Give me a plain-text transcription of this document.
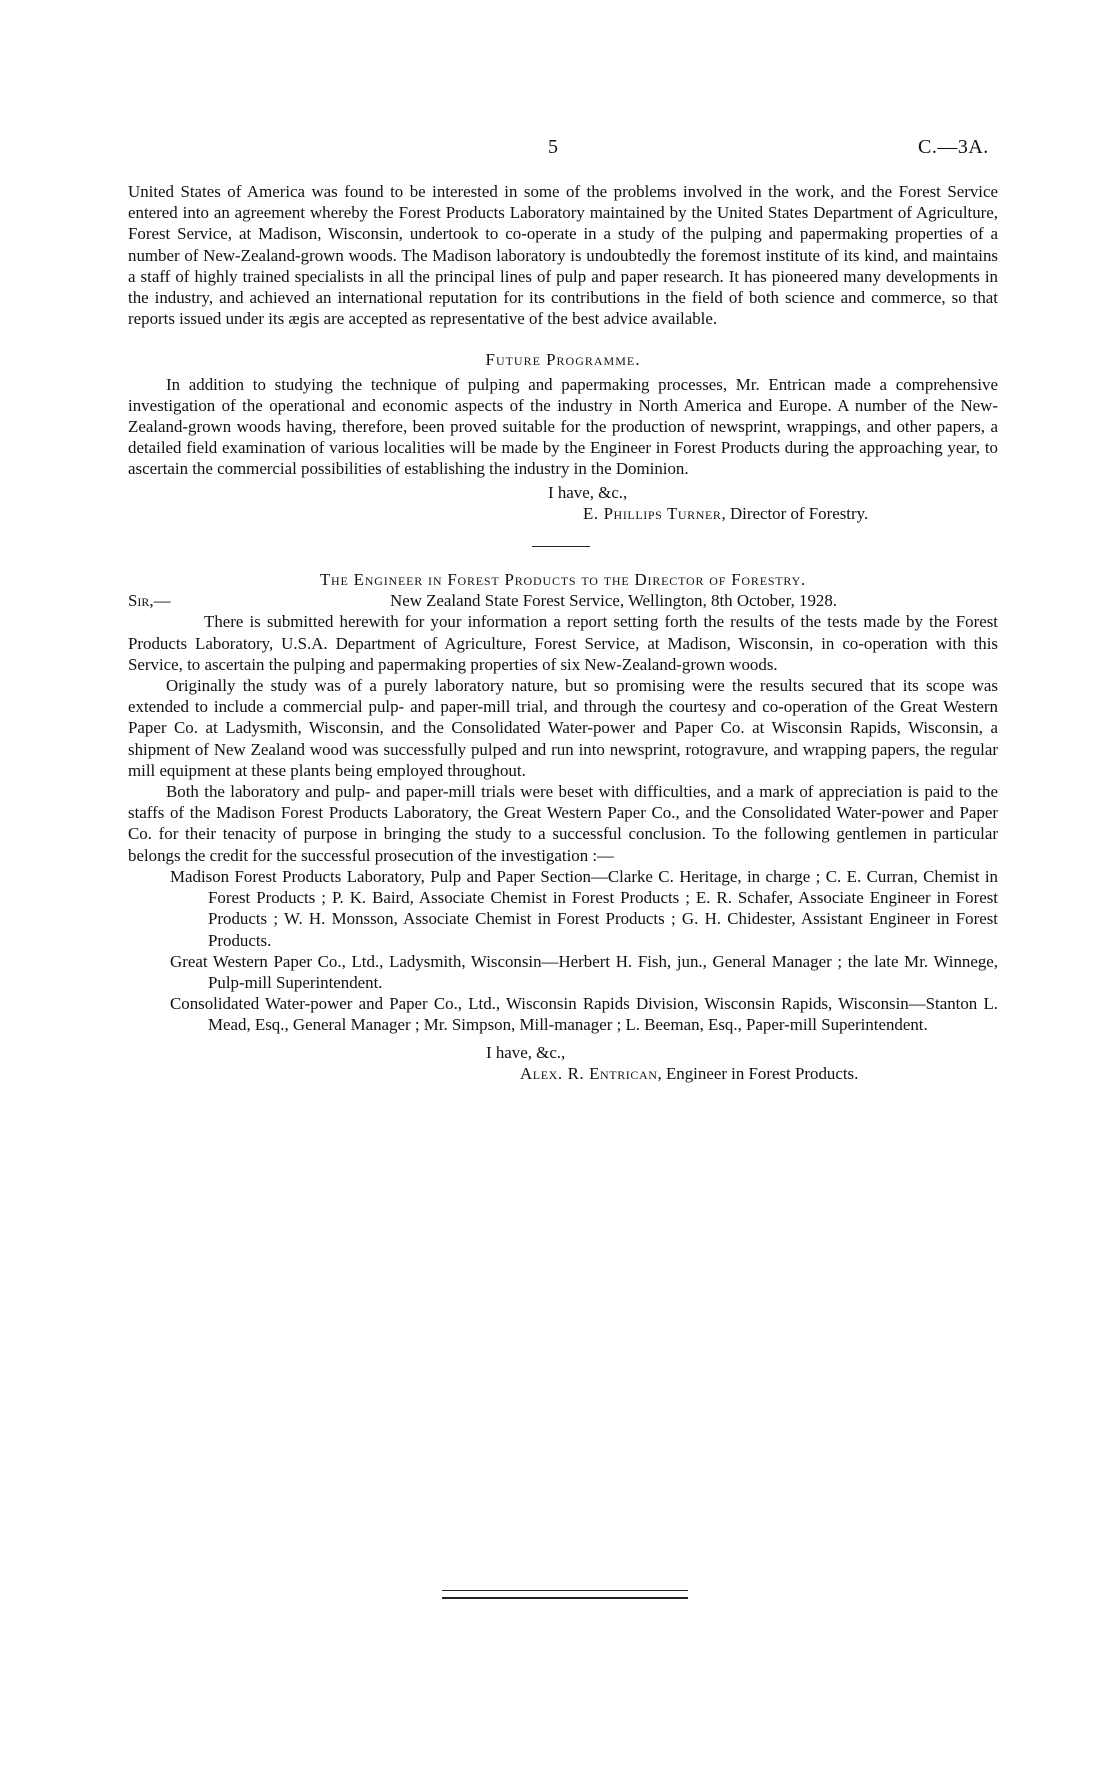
5	C.—3A.

United States of America was found to be interested in some of the problems involved in the work, and the Forest Service entered into an agreement whereby the Forest Products Laboratory maintained by the United States Department of Agriculture, Forest Service, at Madison, Wisconsin, undertook to co-operate in a study of the pulping and papermaking properties of a number of New-Zealand-grown woods. The Madison laboratory is undoubtedly the foremost institute of its kind, and maintains a staff of highly trained specialists in all the principal lines of pulp and paper research. It has pioneered many developments in the industry, and achieved an international reputation for its contributions in the field of both science and commerce, so that reports issued under its ægis are accepted as representative of the best advice available.

Future Programme.

In addition to studying the technique of pulping and papermaking processes, Mr. Entrican made a comprehensive investigation of the operational and economic aspects of the industry in North America and Europe. A number of the New-Zealand-grown woods having, therefore, been proved suitable for the production of newsprint, wrappings, and other papers, a detailed field examination of various localities will be made by the Engineer in Forest Products during the approaching year, to ascertain the commercial possibilities of establishing the industry in the Dominion.

I have, &c.,

E. Phillips Turner, Director of Forestry.

The Engineer in Forest Products to the Director of Forestry.

Sir,—	New Zealand State Forest Service, Wellington, 8th October, 1928.

There is submitted herewith for your information a report setting forth the results of the tests made by the Forest Products Laboratory, U.S.A. Department of Agriculture, Forest Service, at Madison, Wisconsin, in co-operation with this Service, to ascertain the pulping and papermaking properties of six New-Zealand-grown woods.

Originally the study was of a purely laboratory nature, but so promising were the results secured that its scope was extended to include a commercial pulp- and paper-mill trial, and through the courtesy and co-operation of the Great Western Paper Co. at Ladysmith, Wisconsin, and the Consolidated Water-power and Paper Co. at Wisconsin Rapids, Wisconsin, a shipment of New Zealand wood was successfully pulped and run into newsprint, rotogravure, and wrapping papers, the regular mill equipment at these plants being employed throughout.

Both the laboratory and pulp- and paper-mill trials were beset with difficulties, and a mark of appreciation is paid to the staffs of the Madison Forest Products Laboratory, the Great Western Paper Co., and the Consolidated Water-power and Paper Co. for their tenacity of purpose in bringing the study to a successful conclusion. To the following gentlemen in particular belongs the credit for the successful prosecution of the investigation :—

Madison Forest Products Laboratory, Pulp and Paper Section—Clarke C. Heritage, in charge ; C. E. Curran, Chemist in Forest Products ; P. K. Baird, Associate Chemist in Forest Products ; E. R. Schafer, Associate Engineer in Forest Products ; W. H. Monsson, Associate Chemist in Forest Products ; G. H. Chidester, Assistant Engineer in Forest Products.

Great Western Paper Co., Ltd., Ladysmith, Wisconsin—Herbert H. Fish, jun., General Manager ; the late Mr. Winnege, Pulp-mill Superintendent.

Consolidated Water-power and Paper Co., Ltd., Wisconsin Rapids Division, Wisconsin Rapids, Wisconsin—Stanton L. Mead, Esq., General Manager ; Mr. Simpson, Mill-manager ; L. Beeman, Esq., Paper-mill Superintendent.

I have, &c.,

Alex. R. Entrican, Engineer in Forest Products.
